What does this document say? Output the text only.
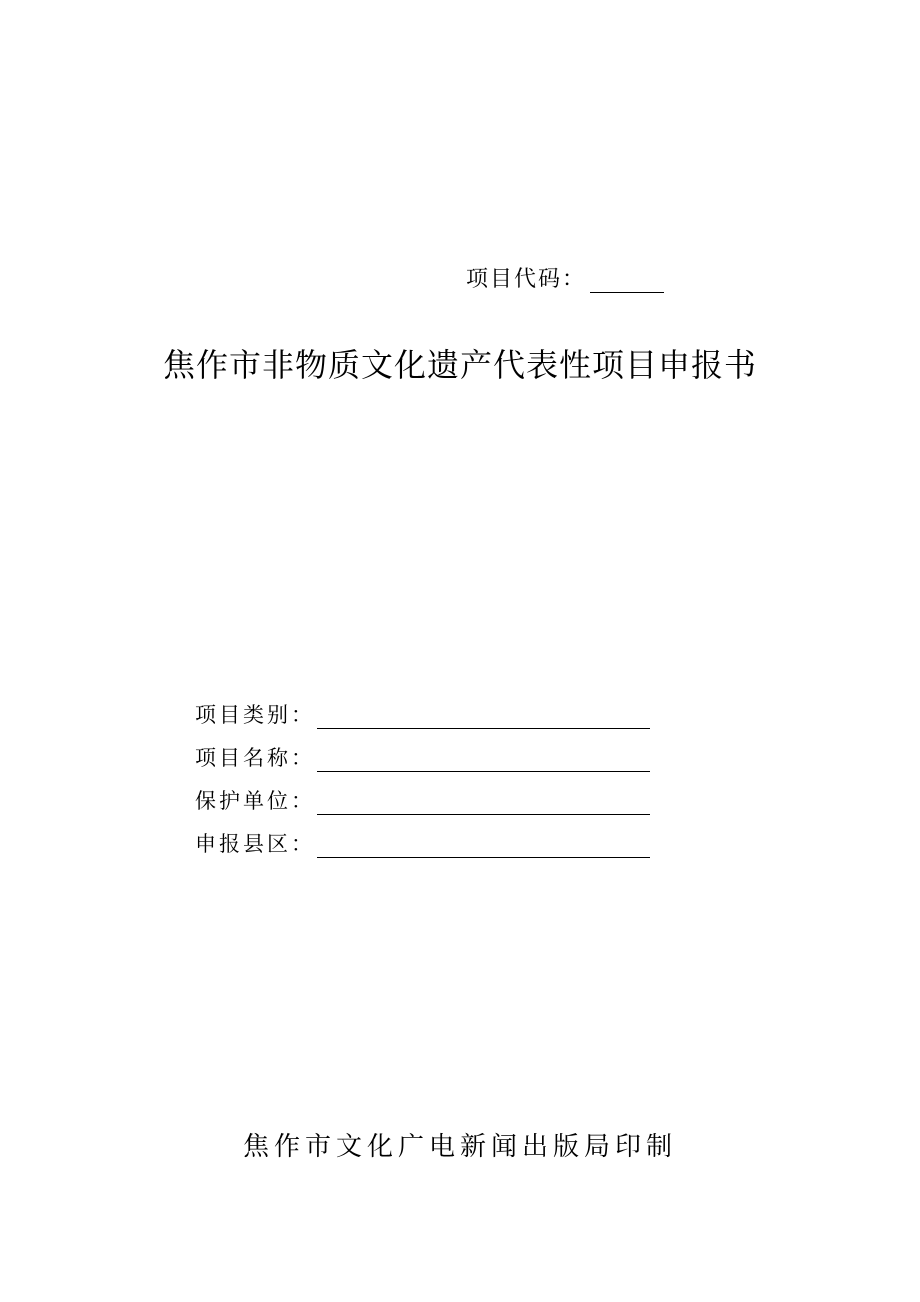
项目代码：
焦作市非物质文化遗产代表性项目申报书
项目类别：
项目名称：
保护单位：
申报县区：
焦作市文化广电新闻出版局印制
